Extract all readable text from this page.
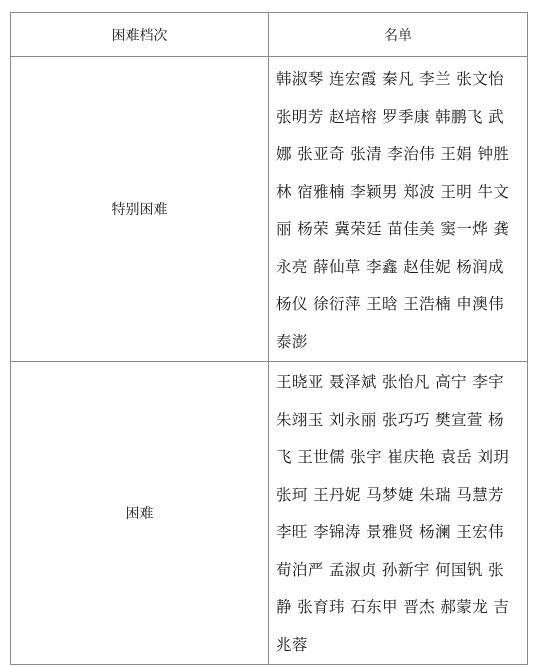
困难档次	名单
特别困难	韩淑琴 连宏霞 秦凡 李兰 张文怡 张明芳 赵培榕 罗季康 韩鹏飞 武娜 张亚奇 张清 李治伟 王娟 钟胜林 宿雅楠 李颖男 郑波 王明 牛文丽 杨荣 冀荣廷 苗佳美 窦一烨 龚永亮 薛仙草 李鑫 赵佳妮 杨润成 杨仪 徐衍萍 王晗 王浩楠 申澳伟 泰澎
困难	王晓亚 聂泽斌 张怡凡 高宁 李宇 朱翊玉 刘永丽 张巧巧 樊宣萱 杨飞 王世儒 张宇 崔庆艳 袁岳 刘玥 张珂 王丹妮 马梦婕 朱瑞 马慧芳 李旺 李锦涛 景雅贤 杨澜 王宏伟 荀泊严 孟淑贞 孙新宇 何国钒 张静 张育玮 石东甲 晋杰 郝蒙龙 吉兆蓉
